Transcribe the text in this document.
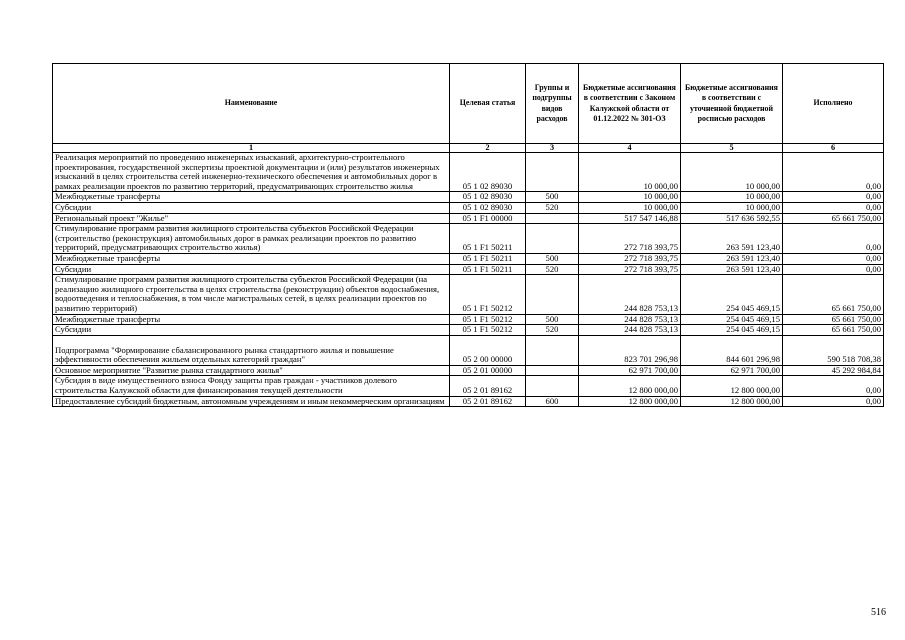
Наименование	Целевая статья	Группы и подгруппы видов расходов	Бюджетные ассигнования в соответствии с Законом Калужской области от 01.12.2022 № 301-ОЗ	Бюджетные ассигнования в соответствии с уточненной бюджетной росписью расходов	Исполнено
1	2	3	4	5	6
Реализация мероприятий по проведению инженерных изысканий, архитектурно-строительного проектирования, государственной экспертизы проектной документации и (или) результатов инженерных изысканий в целях строительства сетей инженерно-технического обеспечения и автомобильных дорог в рамках реализации проектов по развитию территорий, предусматривающих строительство жилья	05 1 02 89030		10 000,00	10 000,00	0,00
Межбюджетные трансферты	05 1 02 89030	500	10 000,00	10 000,00	0,00
Субсидии	05 1 02 89030	520	10 000,00	10 000,00	0,00
Региональный проект "Жилье"	05 1 F1 00000		517 547 146,88	517 636 592,55	65 661 750,00
Стимулирование программ развития жилищного строительства субъектов Российской Федерации (строительство (реконструкция) автомобильных дорог в рамках реализации проектов по развитию территорий, предусматривающих строительство жилья)	05 1 F1 50211		272 718 393,75	263 591 123,40	0,00
Межбюджетные трансферты	05 1 F1 50211	500	272 718 393,75	263 591 123,40	0,00
Субсидии	05 1 F1 50211	520	272 718 393,75	263 591 123,40	0,00
Стимулирование программ развития жилищного строительства субъектов Российской Федерации (на реализацию жилищного строительства в целях строительства (реконструкции) объектов водоснабжения, водоотведения и теплоснабжения, в том числе магистральных сетей, в целях реализации проектов по развитию территорий)	05 1 F1 50212		244 828 753,13	254 045 469,15	65 661 750,00
Межбюджетные трансферты	05 1 F1 50212	500	244 828 753,13	254 045 469,15	65 661 750,00
Субсидии	05 1 F1 50212	520	244 828 753,13	254 045 469,15	65 661 750,00
Подпрограмма "Формирование сбалансированного рынка стандартного жилья и повышение эффективности обеспечения жильем отдельных категорий граждан"	05 2 00 00000		823 701 296,98	844 601 296,98	590 518 708,38
Основное мероприятие "Развитие рынка стандартного жилья"	05 2 01 00000		62 971 700,00	62 971 700,00	45 292 984,84
Субсидия в виде имущественного взноса Фонду защиты прав граждан - участников долевого строительства Калужской области для финансирования текущей деятельности	05 2 01 89162		12 800 000,00	12 800 000,00	0,00
Предоставление субсидий бюджетным, автономным учреждениям и иным некоммерческим организациям	05 2 01 89162	600	12 800 000,00	12 800 000,00	0,00
516
